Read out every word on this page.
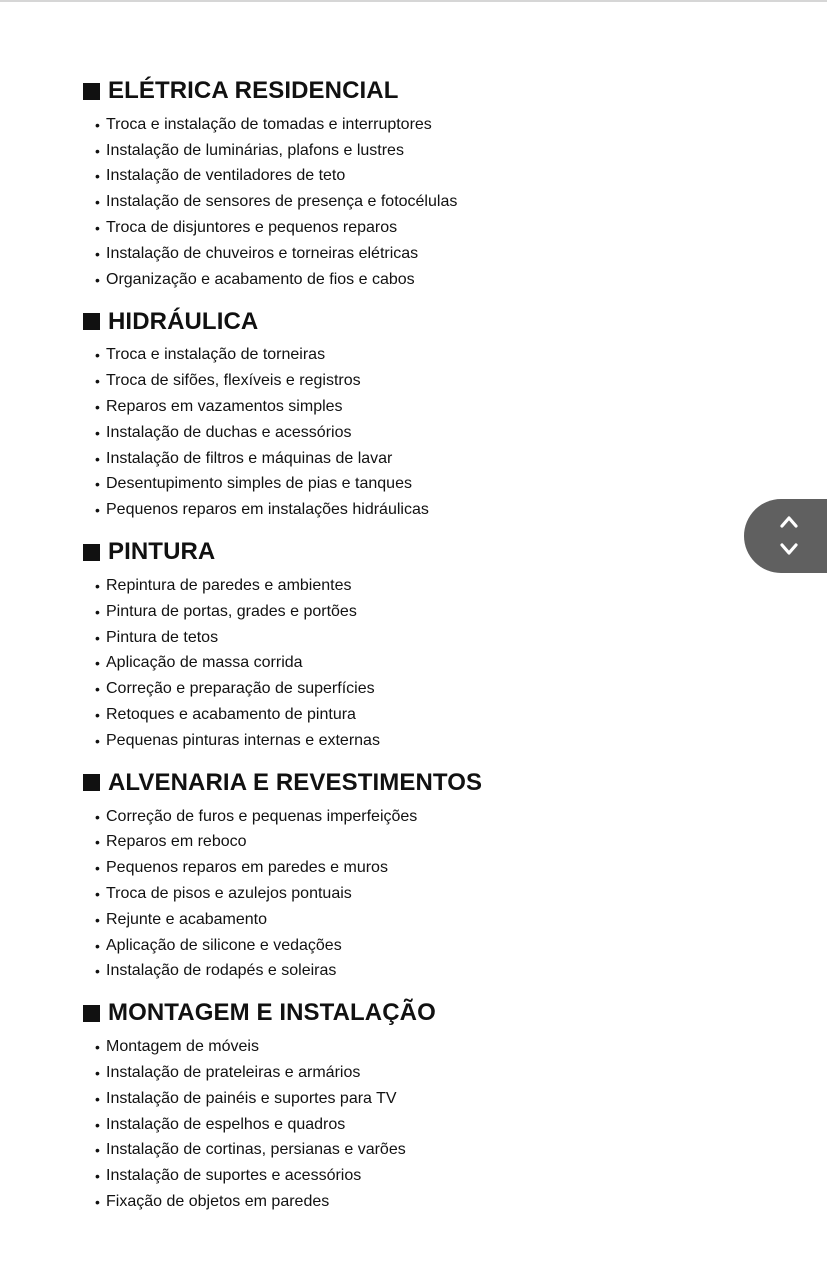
ELÉTRICA RESIDENCIAL
• Troca e instalação de tomadas e interruptores
• Instalação de luminárias, plafons e lustres
• Instalação de ventiladores de teto
• Instalação de sensores de presença e fotocélulas
• Troca de disjuntores e pequenos reparos
• Instalação de chuveiros e torneiras elétricas
• Organização e acabamento de fios e cabos
HIDRÁULICA
• Troca e instalação de torneiras
• Troca de sifões, flexíveis e registros
• Reparos em vazamentos simples
• Instalação de duchas e acessórios
• Instalação de filtros e máquinas de lavar
• Desentupimento simples de pias e tanques
• Pequenos reparos em instalações hidráulicas
PINTURA
• Repintura de paredes e ambientes
• Pintura de portas, grades e portões
• Pintura de tetos
• Aplicação de massa corrida
• Correção e preparação de superfícies
• Retoques e acabamento de pintura
• Pequenas pinturas internas e externas
ALVENARIA E REVESTIMENTOS
• Correção de furos e pequenas imperfeições
• Reparos em reboco
• Pequenos reparos em paredes e muros
• Troca de pisos e azulejos pontuais
• Rejunte e acabamento
• Aplicação de silicone e vedações
• Instalação de rodapés e soleiras
MONTAGEM E INSTALAÇÃO
• Montagem de móveis
• Instalação de prateleiras e armários
• Instalação de painéis e suportes para TV
• Instalação de espelhos e quadros
• Instalação de cortinas, persianas e varões
• Instalação de suportes e acessórios
• Fixação de objetos em paredes
